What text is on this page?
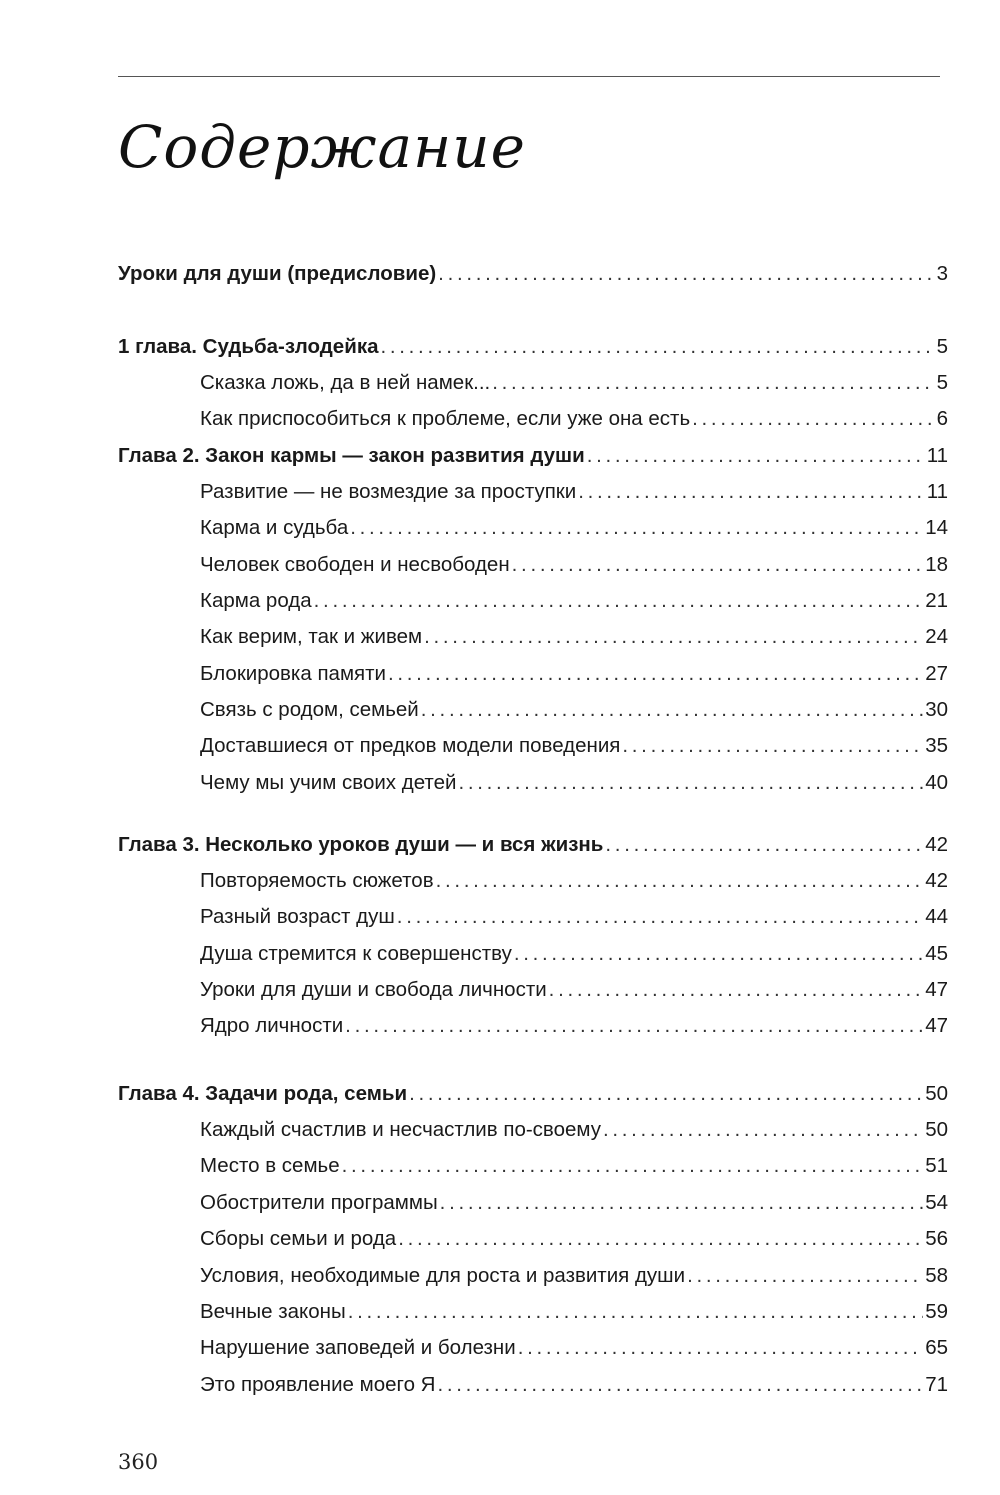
Содержание
Уроки для души (предисловие) . . .	3
1 глава. Судьба-злодейка . . .	5
Сказка ложь, да в ней намек... . . .	5
Как приспособиться к проблеме, если уже она есть . . .	6
Глава 2. Закон кармы — закон развития души . . .	11
Развитие — не возмездие за проступки . . .	11
Карма и судьба . . .	14
Человек свободен и несвободен . . .	18
Карма рода . . .	21
Как верим, так и живем . . .	24
Блокировка памяти . . .	27
Связь с родом, семьей . . .	30
Доставшиеся от предков модели поведения . . .	35
Чему мы учим своих детей . . .	40
Глава 3. Несколько уроков души — и вся жизнь . . .	42
Повторяемость сюжетов . . .	42
Разный возраст душ . . .	44
Душа стремится к совершенству . . .	45
Уроки для души и свобода личности . . .	47
Ядро личности . . .	47
Глава 4. Задачи рода, семьи . . .	50
Каждый счастлив и несчастлив по-своему . . .	50
Место в семье . . .	51
Обострители программы . . .	54
Сборы семьи и рода . . .	56
Условия, необходимые для роста и развития души . . .	58
Вечные законы . . .	59
Нарушение заповедей и болезни . . .	65
Это проявление моего Я . . .	71
360
